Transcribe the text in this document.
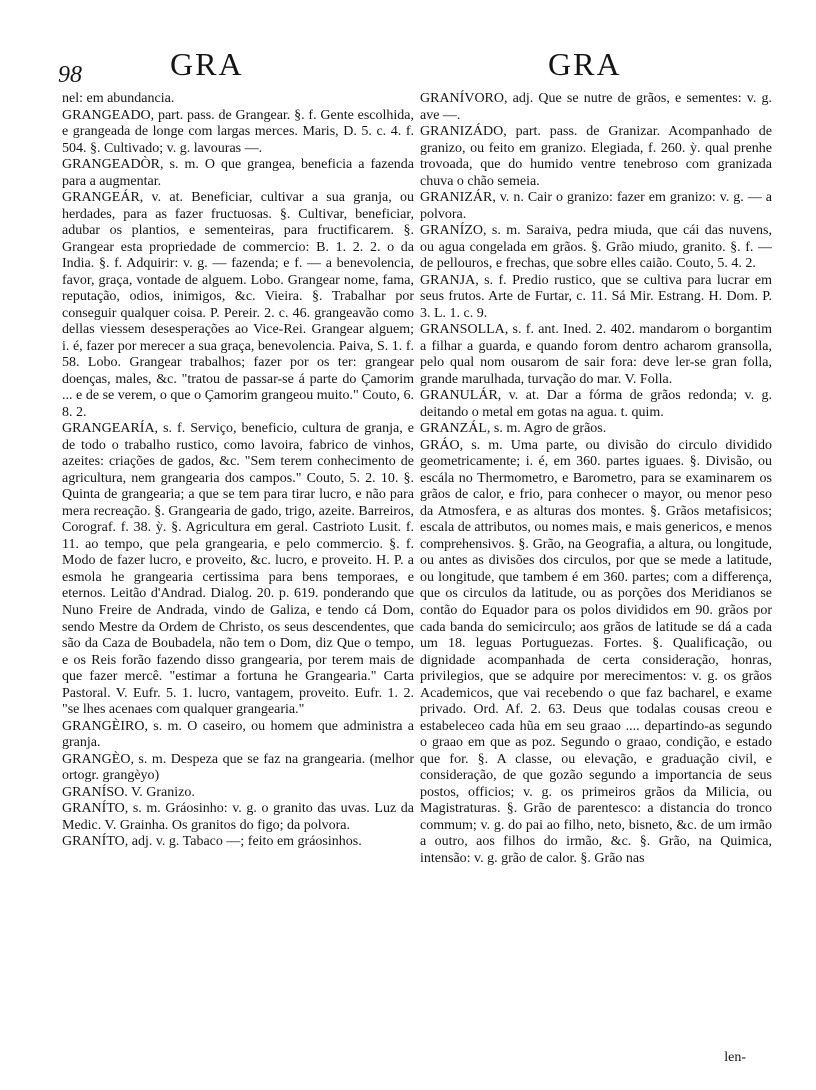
98	GRA	GRA

nel: em abundancia.

GRANGEADO, part. pass. de Grangear. §. f. Gente escolhida, e grangeada de longe com largas merces. Maris, D. 5. c. 4. f. 504. §. Cultivado; v. g. lavouras —.

GRANGEADÒR, s. m. O que grangea, beneficia a fazenda para a augmentar.

GRANGEÁR, v. at. Beneficiar, cultivar a sua granja, ou herdades, para as fazer fructuosas. §. Cultivar, beneficiar, adubar os plantios, e sementeiras, para fructificarem. §. Grangear esta propriedade de commercio: B. 1. 2. 2. o da India. §. f. Adquirir: v. g. — fazenda; e f. — a benevolencia, favor, graça, vontade de alguem. Lobo. Grangear nome, fama, reputação, odios, inimigos, &c. Vieira. §. Trabalhar por conseguir qualquer coisa. P. Pereir. 2. c. 46. grangeavão como dellas viessem desesperações ao Vice-Rei. Grangear alguem; i. é, fazer por merecer a sua graça, benevolencia. Paiva, S. 1. f. 58. Lobo. Grangear trabalhos; fazer por os ter: grangear doenças, males, &c. "tratou de passar-se á parte do Çamorim ... e de se verem, o que o Çamorim grangeou muito." Couto, 6. 8. 2.

GRANGEARÍA, s. f. Serviço, beneficio, cultura de granja, e de todo o trabalho rustico, como lavoira, fabrico de vinhos, azeites: criações de gados, &c. "Sem terem conhecimento de agricultura, nem grangearia dos campos." Couto, 5. 2. 10. §. Quinta de grangearia; a que se tem para tirar lucro, e não para mera recreação. §. Grangearia de gado, trigo, azeite. Barreiros, Corograf. f. 38. ỳ. §. Agricultura em geral. Castrioto Lusit. f. 11. ao tempo, que pela grangearia, e pelo commercio. §. f. Modo de fazer lucro, e proveito, &c. lucro, e proveito. H. P. a esmola he grangearia certissima para bens temporaes, e eternos. Leitão d'Andrad. Dialog. 20. p. 619. ponderando que Nuno Freire de Andrada, vindo de Galiza, e tendo cá Dom, sendo Mestre da Ordem de Christo, os seus descendentes, que são da Caza de Boubadela, não tem o Dom, diz Que o tempo, e os Reis forão fazendo disso grangearia, por terem mais de que fazer mercê. "estimar a fortuna he Grangearia." Carta Pastoral. V. Eufr. 5. 1. lucro, vantagem, proveito. Eufr. 1. 2. "se lhes acenaes com qualquer grangearia."

GRANGÈIRO, s. m. O caseiro, ou homem que administra a granja.

GRANGÈO, s. m. Despeza que se faz na grangearia. (melhor ortogr. grangèyo)

GRANÍSO. V. Granizo.

GRANÍTO, s. m. Gráosinho: v. g. o granito das uvas. Luz da Medic. V. Grainha. Os granitos do figo; da polvora.

GRANÍTO, adj. v. g. Tabaco —; feito em gráosinhos.

GRANÍVORO, adj. Que se nutre de grãos, e sementes: v. g. ave —.

GRANIZÁDO, part. pass. de Granizar. Acompanhado de granizo, ou feito em granizo. Elegiada, f. 260. ỳ. qual prenhe trovoada, que do humido ventre tenebroso com granizada chuva o chão semeia.

GRANIZÁR, v. n. Cair o granizo: fazer em granizo: v. g. — a polvora.

GRANÍZO, s. m. Saraiva, pedra miuda, que cái das nuvens, ou agua congelada em grãos. §. Grão miudo, granito. §. f. — de pellouros, e frechas, que sobre elles caião. Couto, 5. 4. 2.

GRANJA, s. f. Predio rustico, que se cultiva para lucrar em seus frutos. Arte de Furtar, c. 11. Sá Mir. Estrang. H. Dom. P. 3. L. 1. c. 9.

GRANSOLLA, s. f. ant. Ined. 2. 402. mandarom o borgantim a filhar a guarda, e quando forom dentro acharom gransolla, pelo qual nom ousarom de sair fora: deve ler-se gran folla, grande marulhada, turvação do mar. V. Folla.

GRANULÁR, v. at. Dar a fórma de grãos redonda; v. g. deitando o metal em gotas na agua. t. quim.

GRANZÁL, s. m. Agro de grãos.

GRÁO, s. m. Uma parte, ou divisão do circulo dividido geometricamente; i. é, em 360. partes iguaes. §. Divisão, ou escála no Thermometro, e Barometro, para se examinarem os grãos de calor, e frio, para conhecer o mayor, ou menor peso da Atmosfera, e as alturas dos montes. §. Grãos metafisicos; escala de attributos, ou nomes mais, e mais genericos, e menos comprehensivos. §. Grão, na Geografia, a altura, ou longitude, ou antes as divisões dos circulos, por que se mede a latitude, ou longitude, que tambem é em 360. partes; com a differença, que os circulos da latitude, ou as porções dos Meridianos se contão do Equador para os polos divididos em 90. grãos por cada banda do semicirculo; aos grãos de latitude se dá a cada um 18. leguas Portuguezas. Fortes. §. Qualificação, ou dignidade acompanhada de certa consideração, honras, privilegios, que se adquire por merecimentos: v. g. os grãos Academicos, que vai recebendo o que faz bacharel, e exame privado. Ord. Af. 2. 63. Deus que todalas cousas creou e estabeleceo cada hũa em seu graao .... departindo-as segundo o graao em que as poz. Segundo o graao, condição, e estado que for. §. A classe, ou elevação, e graduação civil, e consideração, de que gozão segundo a importancia de seus postos, officios; v. g. os primeiros grãos da Milicia, ou Magistraturas. §. Grão de parentesco: a distancia do tronco commum; v. g. do pai ao filho, neto, bisneto, &c. de um irmão a outro, aos filhos do irmão, &c. §. Grão, na Quimica, intensão: v. g. grão de calor. §. Grão nas

len-
